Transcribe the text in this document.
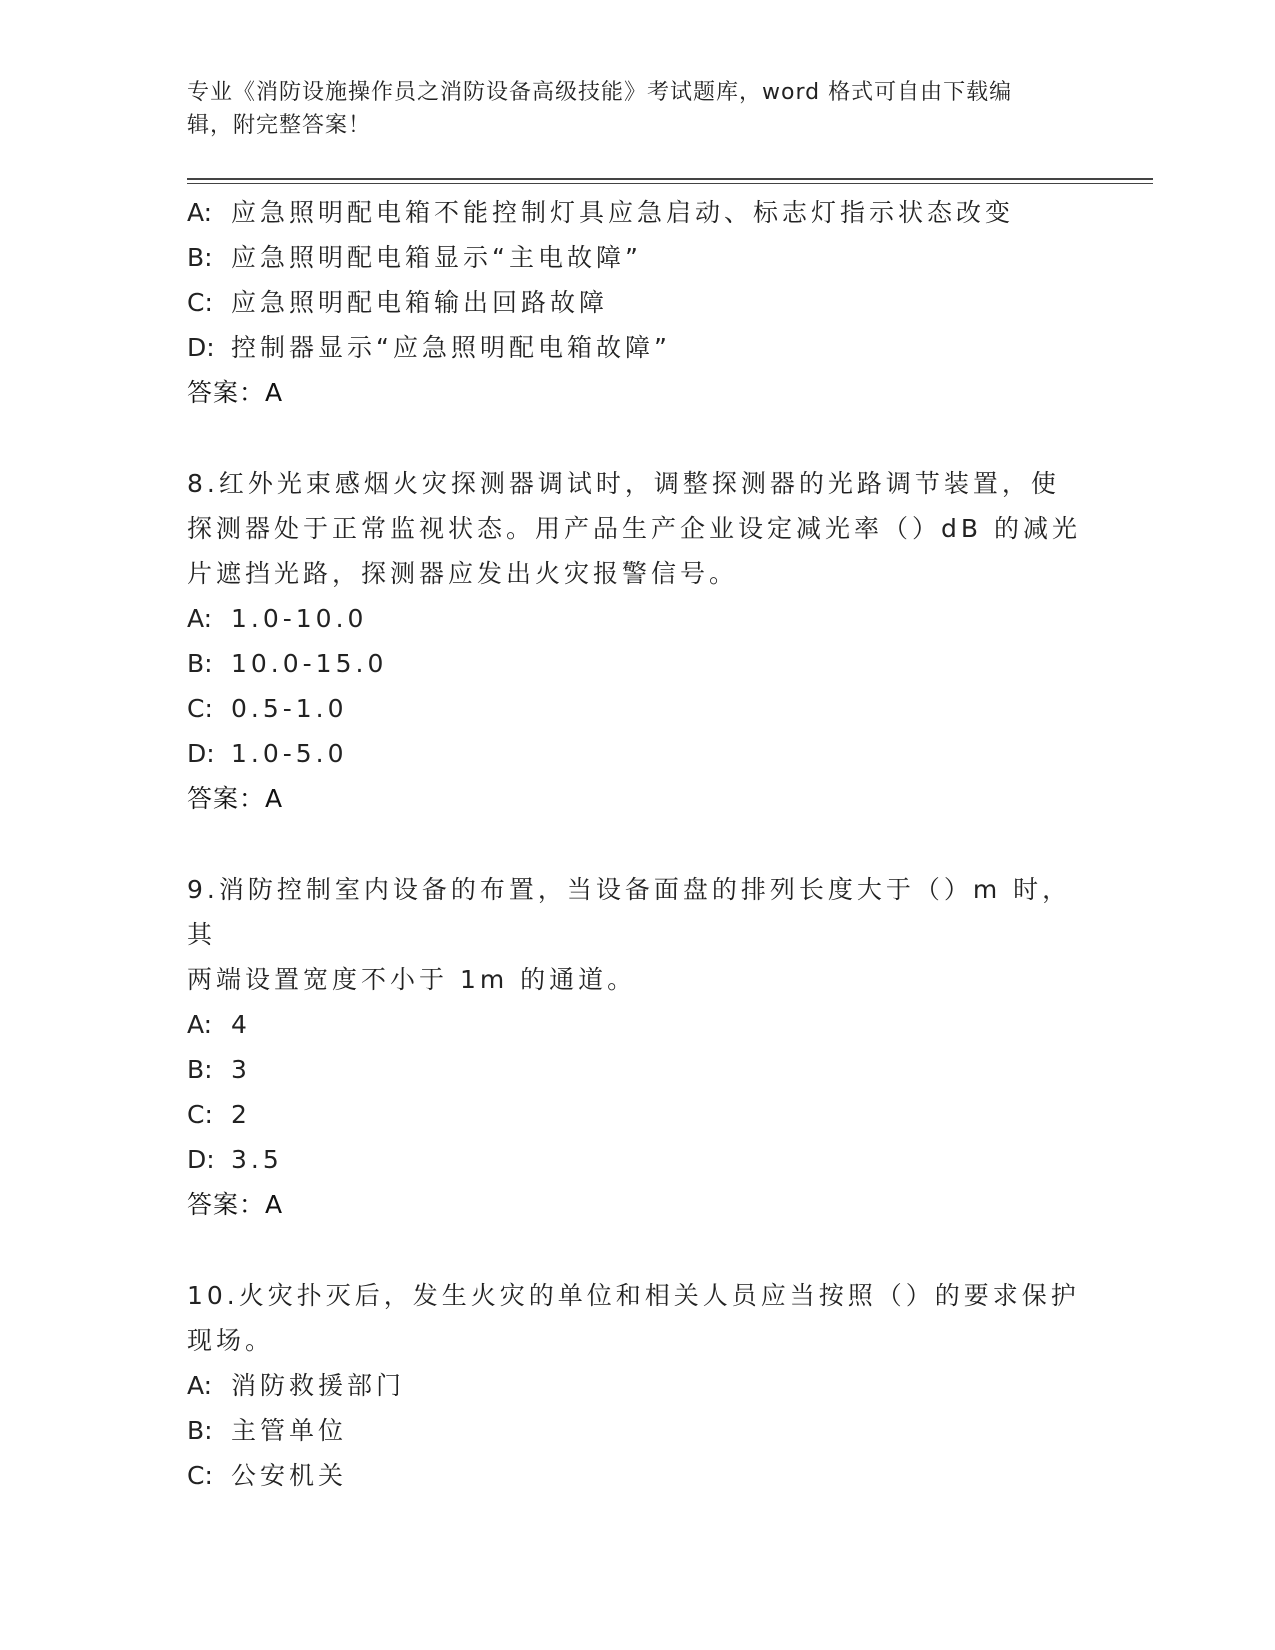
专业《消防设施操作员之消防设备高级技能》考试题库，word 格式可自由下载编
辑，附完整答案！
A: 应急照明配电箱不能控制灯具应急启动、标志灯指示状态改变
B: 应急照明配电箱显示“主电故障”
C: 应急照明配电箱输出回路故障
D: 控制器显示“应急照明配电箱故障”
答案：A
8.红外光束感烟火灾探测器调试时，调整探测器的光路调节装置，使
探测器处于正常监视状态。用产品生产企业设定减光率（）dB 的减光
片遮挡光路，探测器应发出火灾报警信号。
A: 1.0-10.0
B: 10.0-15.0
C: 0.5-1.0
D: 1.0-5.0
答案：A
9.消防控制室内设备的布置，当设备面盘的排列长度大于（）m 时，其
两端设置宽度不小于 1m 的通道。
A: 4
B: 3
C: 2
D: 3.5
答案：A
10.火灾扑灭后，发生火灾的单位和相关人员应当按照（）的要求保护
现场。
A: 消防救援部门
B: 主管单位
C: 公安机关
